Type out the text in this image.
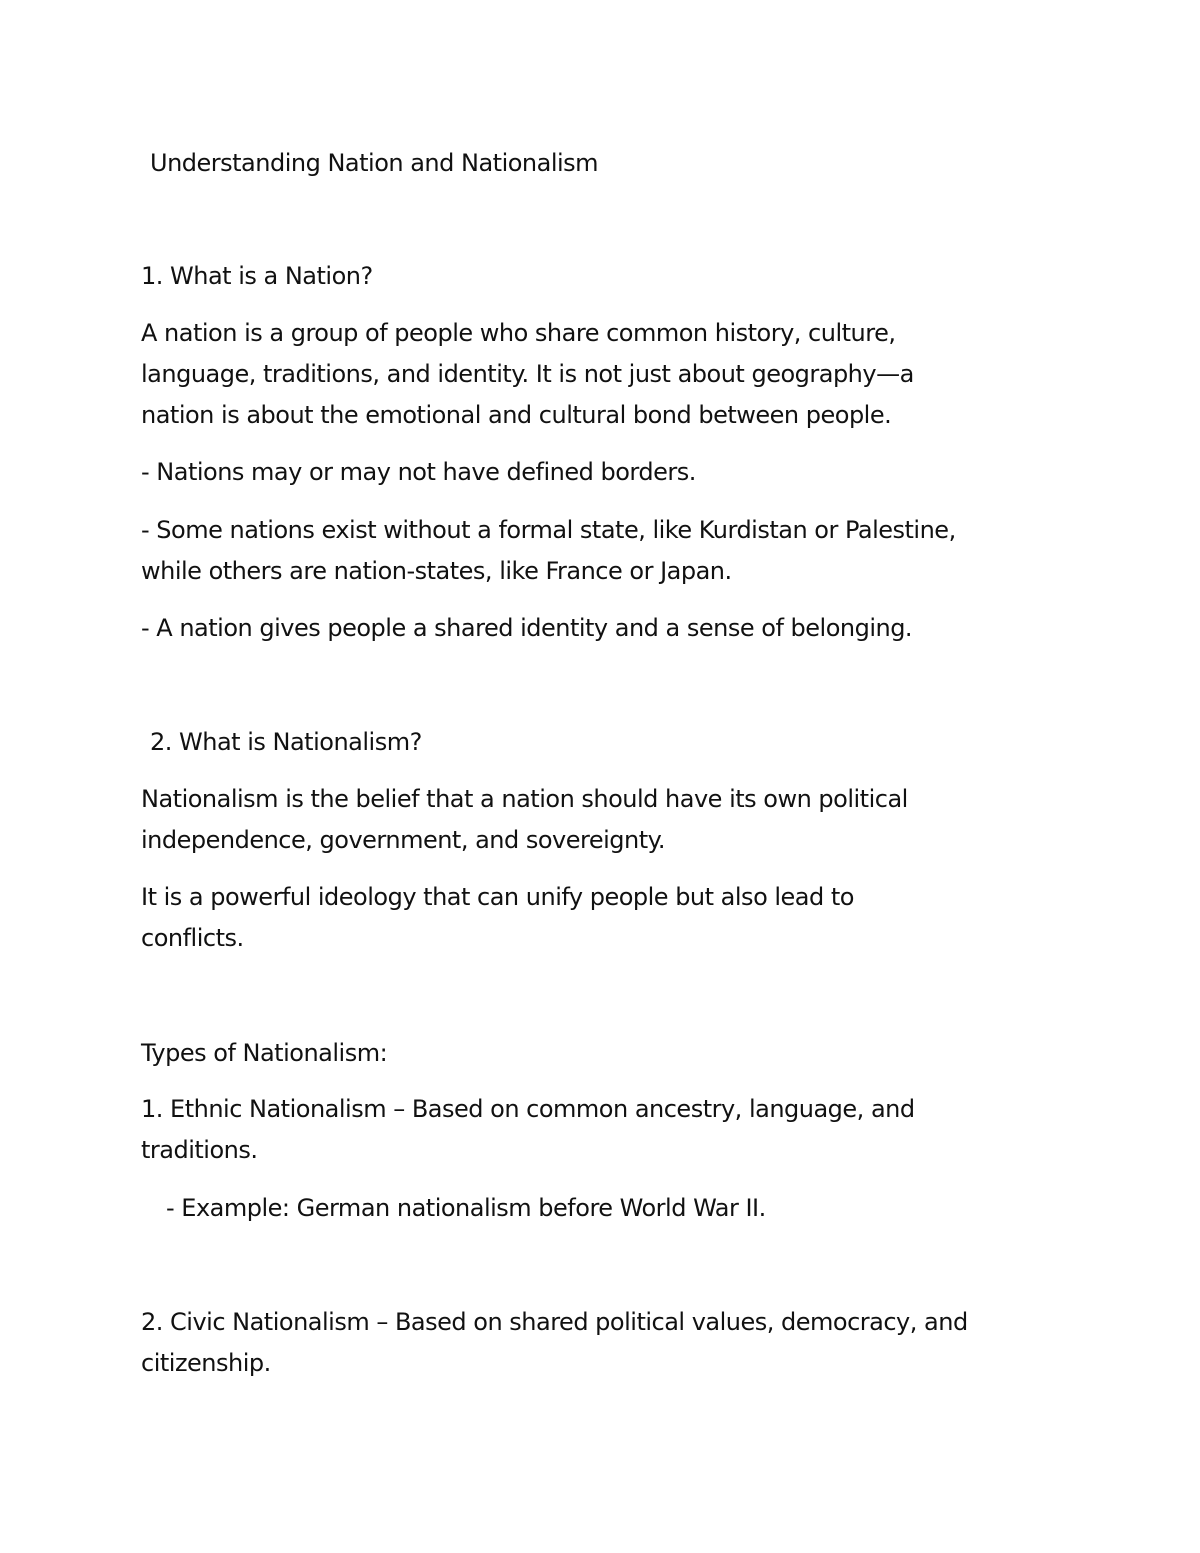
Understanding Nation and Nationalism

1. What is a Nation?

A nation is a group of people who share common history, culture,
language, traditions, and identity. It is not just about geography—a
nation is about the emotional and cultural bond between people.

- Nations may or may not have defined borders.

- Some nations exist without a formal state, like Kurdistan or Palestine,
while others are nation-states, like France or Japan.

- A nation gives people a shared identity and a sense of belonging.

2. What is Nationalism?

Nationalism is the belief that a nation should have its own political
independence, government, and sovereignty.
It is a powerful ideology that can unify people but also lead to
conflicts.

Types of Nationalism:

1. Ethnic Nationalism – Based on common ancestry, language, and
traditions.

- Example: German nationalism before World War II.

2. Civic Nationalism – Based on shared political values, democracy, and
citizenship.
